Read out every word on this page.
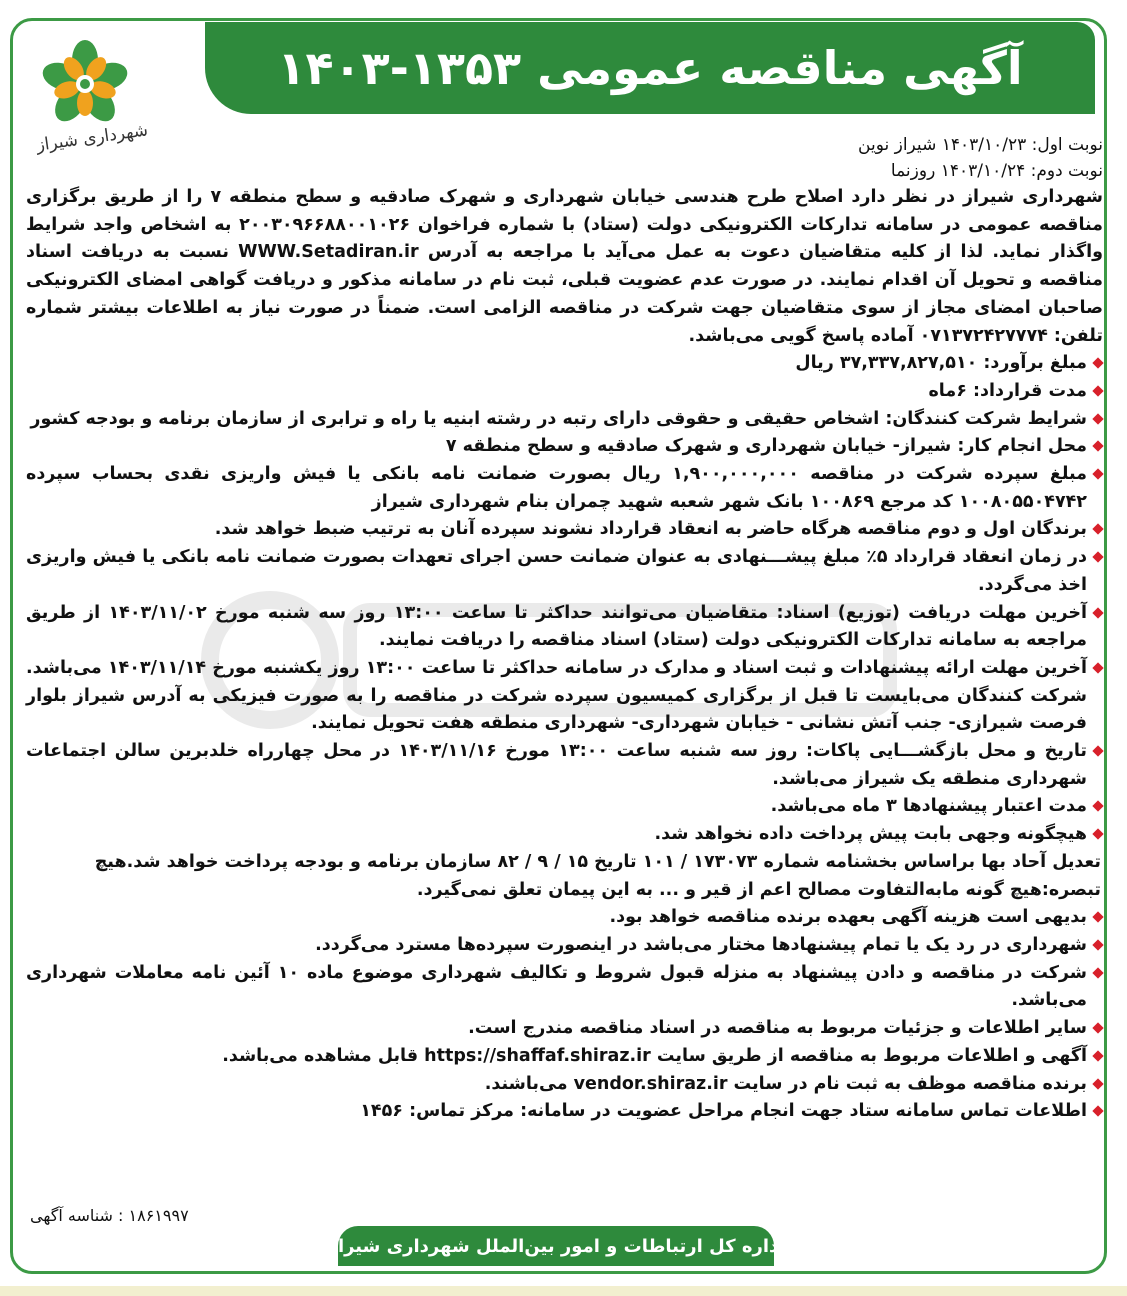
آگهی مناقصه عمومی ۱۳۵۳-۱۴۰۳
شهرداری شیراز	نوبت اول: ۱۴۰۳/۱۰/۲۳ شیراز نوین

نوبت دوم: ۱۴۰۳/۱۰/۲۴ روزنما

شهرداری شیراز در نظر دارد اصلاح طرح هندسی خیابان شهرداری و شهرک صادقیه و سطح منطقه ۷ را از طریق برگزاری مناقصه عمومی در سامانه تدارکات الکترونیکی دولت (ستاد) با شماره فراخوان ۲۰۰۳۰۹۶۶۸۸۰۰۱۰۲۶ به اشخاص واجد شرایط واگذار نماید. لذا از کلیه متقاضیان دعوت به عمل می‌آید با مراجعه به آدرس WWW.Setadiran.ir نسبت به دریافت اسناد مناقصه و تحویل آن اقدام نمایند. در صورت عدم عضویت قبلی، ثبت نام در سامانه مذکور و دریافت گواهی امضای الکترونیکی صاحبان امضای مجاز از سوی متقاضیان جهت شرکت در مناقصه الزامی است. ضمناً در صورت نیاز به اطلاعات بیشتر شماره تلفن: ۰۷۱۳۷۲۴۲۷۷۷۴ آماده پاسخ گویی می‌باشد.

مبلغ برآورد: ۳۷,۳۳۷,۸۲۷,۵۱۰ ریال

مدت قرارداد: ۶ماه

شرایط شرکت کنندگان: اشخاص حقیقی و حقوقی دارای رتبه در رشته ابنیه یا راه و ترابری از سازمان برنامه و بودجه کشور

محل انجام کار: شیراز- خیابان شهرداری و شهرک صادقیه و سطح منطقه ۷

مبلغ سپرده شرکت در مناقصه ۱,۹۰۰,۰۰۰,۰۰۰ ریال بصورت ضمانت نامه بانکی یا فیش واریزی نقدی بحساب سپرده ۱۰۰۸۰۵۵۰۴۷۴۲ کد مرجع ۱۰۰۸۶۹ بانک شهر شعبه شهید چمران بنام شهرداری شیراز

برندگان اول و دوم مناقصه هرگاه حاضر به انعقاد قرارداد نشوند سپرده آنان به ترتیب ضبط خواهد شد.

در زمان انعقاد قرارداد ۵٪ مبلغ پیشـــنهادی به عنوان ضمانت حسن اجرای تعهدات بصورت ضمانت نامه بانکی یا فیش واریزی اخذ می‌گردد.

آخرین مهلت دریافت (توزیع) اسناد: متقاضیان می‌توانند حداکثر تا ساعت ۱۳:۰۰ روز سه شنبه مورخ ۱۴۰۳/۱۱/۰۲ از طریق مراجعه به سامانه تدارکات الکترونیکی دولت (ستاد) اسناد مناقصه را دریافت نمایند.

آخرین مهلت ارائه پیشنهادات و ثبت اسناد و مدارک در سامانه حداکثر تا ساعت ۱۳:۰۰ روز یکشنبه مورخ ۱۴۰۳/۱۱/۱۴ می‌باشد. شرکت کنندگان می‌بایست تا قبل از برگزاری کمیسیون سپرده شرکت در مناقصه را به صورت فیزیکی به آدرس شیراز بلوار فرصت شیرازی- جنب آتش نشانی - خیابان شهرداری- شهرداری منطقه هفت تحویل نمایند.

تاریخ و محل بازگشـــایی پاکات: روز سه شنبه ساعت ۱۳:۰۰ مورخ ۱۴۰۳/۱۱/۱۶ در محل چهارراه خلدبرین سالن اجتماعات شهرداری منطقه یک شیراز می‌باشد.

مدت اعتبار پیشنهادها ۳ ماه می‌باشد.

هیچگونه وجهی بابت پیش پرداخت داده نخواهد شد.

تعدیل آحاد بها براساس بخشنامه شماره ۱۷۳۰۷۳ / ۱۰۱ تاریخ ۱۵ / ۹ / ۸۲ سازمان برنامه و بودجه پرداخت خواهد شد.هیچ

تبصره:هیچ گونه مابه‌التفاوت مصالح اعم از قیر و ... به این پیمان تعلق نمی‌گیرد.

بدیهی است هزینه آگهی بعهده برنده مناقصه خواهد بود.

شهرداری در رد یک یا تمام پیشنهادها مختار می‌باشد در اینصورت سپرده‌ها مسترد می‌گردد.

شرکت در مناقصه و دادن پیشنهاد به منزله قبول شروط و تکالیف شهرداری موضوع ماده ۱۰ آئین نامه معاملات شهرداری می‌باشد.

سایر اطلاعات و جزئیات مربوط به مناقصه در اسناد مناقصه مندرج است.

آگهی و اطلاعات مربوط به مناقصه از طریق سایت https://shaffaf.shiraz.ir قابل مشاهده می‌باشد.

برنده مناقصه موظف به ثبت نام در سایت vendor.shiraz.ir می‌باشند.

اطلاعات تماس سامانه ستاد جهت انجام مراحل عضویت در سامانه: مرکز تماس: ۱۴۵۶

۱۸۶۱۹۹۷ : شناسه آگهی
اداره کل ارتباطات و امور بین‌الملل شهرداری شیراز
